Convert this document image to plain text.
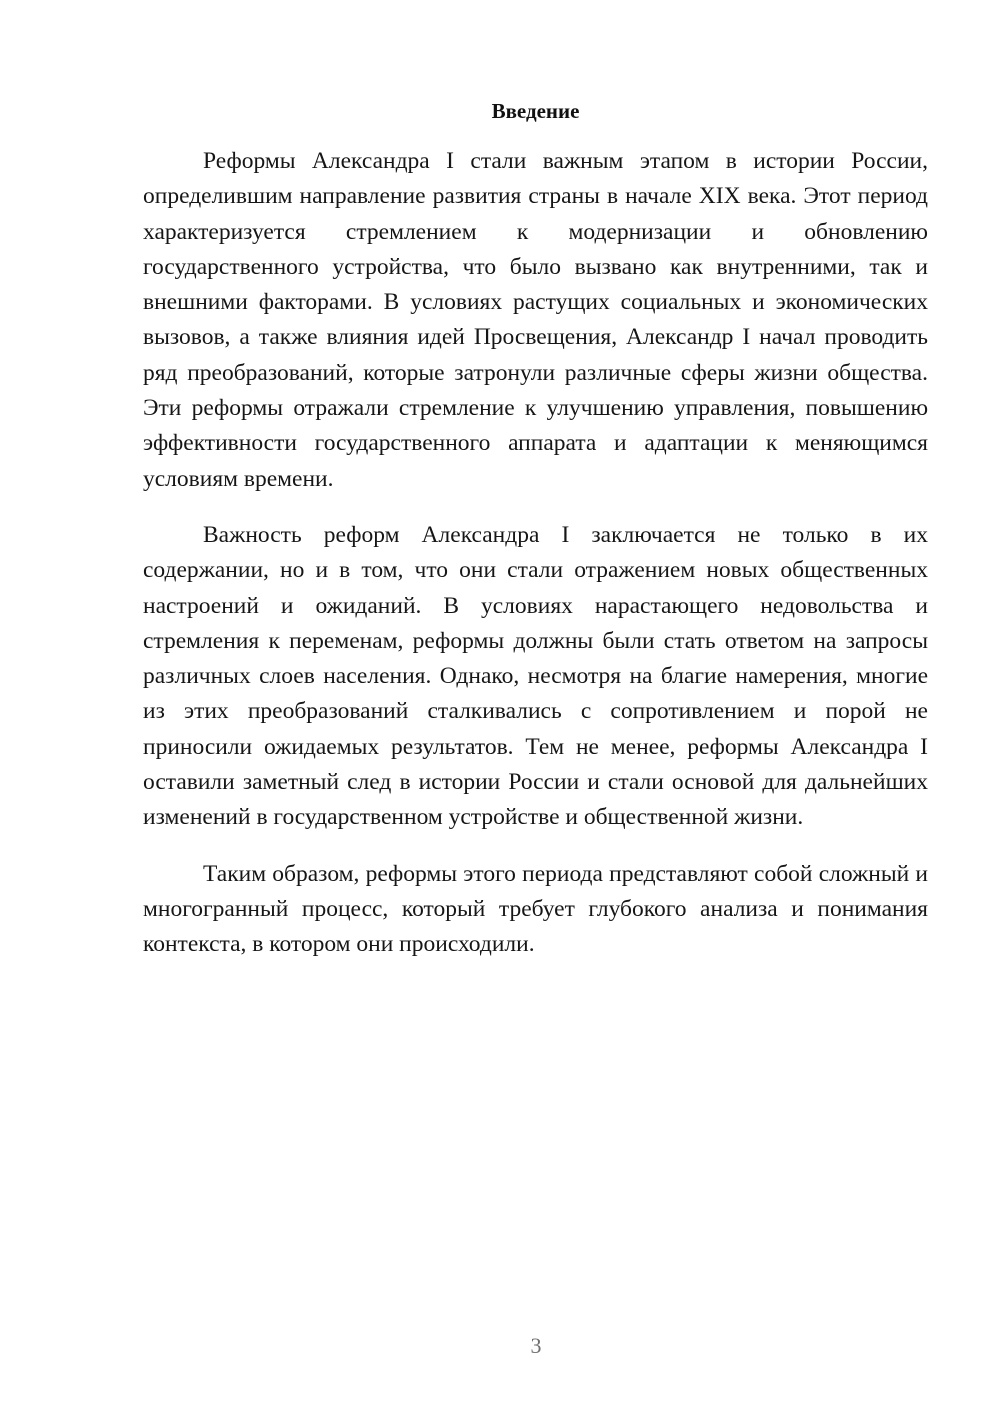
Введение

Реформы Александра I стали важным этапом в истории России, определившим направление развития страны в начале XIX века. Этот период характеризуется стремлением к модернизации и обновлению государственного устройства, что было вызвано как внутренними, так и внешними факторами. В условиях растущих социальных и экономических вызовов, а также влияния идей Просвещения, Александр I начал проводить ряд преобразований, которые затронули различные сферы жизни общества. Эти реформы отражали стремление к улучшению управления, повышению эффективности государственного аппарата и адаптации к меняющимся условиям времени.

Важность реформ Александра I заключается не только в их содержании, но и в том, что они стали отражением новых общественных настроений и ожиданий. В условиях нарастающего недовольства и стремления к переменам, реформы должны были стать ответом на запросы различных слоев населения. Однако, несмотря на благие намерения, многие из этих преобразований сталкивались с сопротивлением и порой не приносили ожидаемых результатов. Тем не менее, реформы Александра I оставили заметный след в истории России и стали основой для дальнейших изменений в государственном устройстве и общественной жизни.

Таким образом, реформы этого периода представляют собой сложный и многогранный процесс, который требует глубокого анализа и понимания контекста, в котором они происходили.

3
